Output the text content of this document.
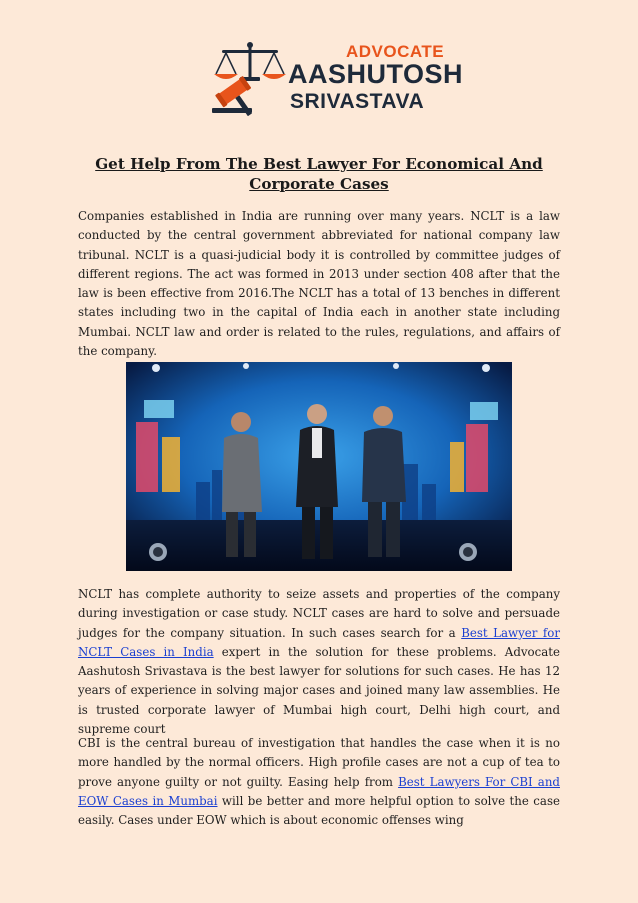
ADVOCATE
AASHUTOSH
SRIVASTAVA
Get Help From The Best Lawyer For Economical And Corporate Cases

Companies established in India are running over many years. NCLT is a law conducted by the central government abbreviated for national company law tribunal. NCLT is a quasi-judicial body it is controlled by committee judges of different regions. The act was formed in 2013 under section 408 after that the law is been effective from 2016.The NCLT has a total of 13 benches in different states including two in the capital of India each in another state including Mumbai. NCLT law and order is related to the rules, regulations, and affairs of the company.

NCLT has complete authority to seize assets and properties of the company during investigation or case study. NCLT cases are hard to solve and persuade judges for the company situation. In such cases search for a Best Lawyer for NCLT Cases in India expert in the solution for these problems. Advocate Aashutosh Srivastava is the best lawyer for solutions for such cases. He has 12 years of experience in solving major cases and joined many law assemblies. He is trusted corporate lawyer of Mumbai high court, Delhi high court, and supreme court

CBI is the central bureau of investigation that handles the case when it is no more handled by the normal officers. High profile cases are not a cup of tea to prove anyone guilty or not guilty. Easing help from Best Lawyers For CBI and EOW Cases in Mumbai will be better and more helpful option to solve the case easily. Cases under EOW which is about economic offenses wing
